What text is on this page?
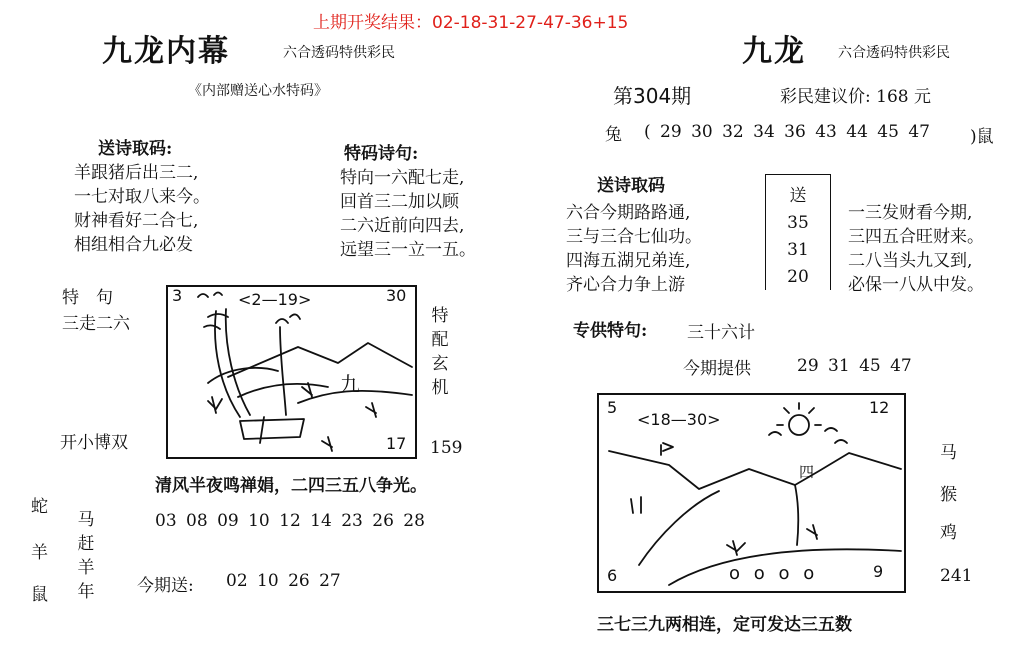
上期开奖结果：02-18-31-27-47-36+15
九龙内幕	六合透码特供彩民
《内部赠送心水特码》
送诗取码:
羊跟猪后出三二,
一七对取八来今。
财神看好二合七,
相组相合九必发
特码诗句:
特向一六配七走,
回首三二加以顾
二六近前向四去,
远望三一立一五。
特　句
三走二六
3	<2—19>	30
九
17
特配玄机
开小博双	159
清风半夜鸣禅娟，二四三五八争光。
蛇
羊
鼠
马赶羊年
03 08 09 10 12 14 23 26 28
今期送: 02 10 26 27
九龙 六合透码特供彩民
第304期	彩民建议价: 168 元
兔 ( 29 30 32 34 36 43 44 45 47 )鼠
送诗取码
六合今期路路通,
三与三合七仙功。
四海五湖兄弟连,
齐心合力争上游
送
35
31
20
一三发财看今期,
三四五合旺财来。
二八当头九又到,
必保一八从中发。
专供特句: 三十六计
今期提供	29 31 45 47
5
<18—30>
12
四
6	o o o o	9
马
猴
鸡
241
三七三九两相连，定可发达三五数
